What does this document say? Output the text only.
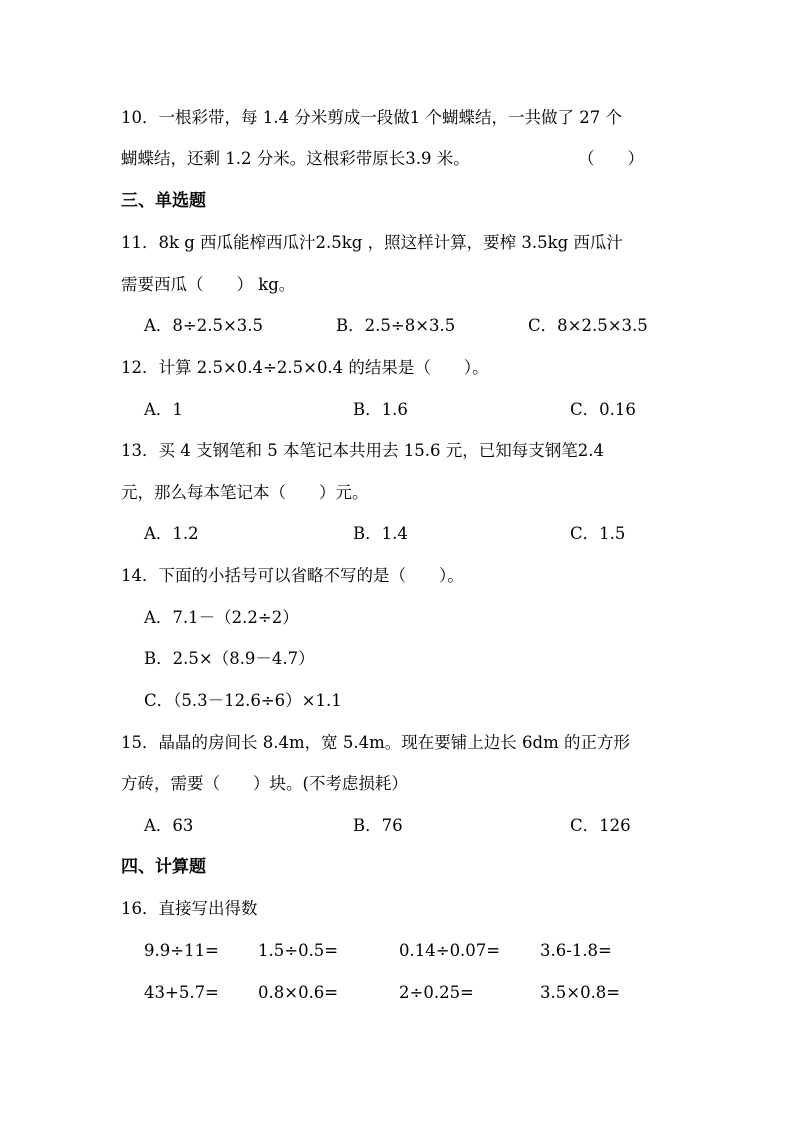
10．一根彩带，每 1.4 分米剪成一段做1 个蝴蝶结，一共做了 27 个
蝴蝶结，还剩 1.2 分米。这根彩带原长3.9 米。	（　　）
三、单选题
11．8k g 西瓜能榨西瓜汁2.5kg ，照这样计算，要榨 3.5kg 西瓜汁
需要西瓜（　　） kg。
A．8÷2.5×3.5	B．2.5÷8×3.5	C．8×2.5×3.5
12．计算 2.5×0.4÷2.5×0.4 的结果是（　　）。
A．1	B．1.6	C．0.16
13．买 4 支钢笔和 5 本笔记本共用去 15.6 元，已知每支钢笔2.4
元，那么每本笔记本（　　）元。
A．1.2	B．1.4	C．1.5
14．下面的小括号可以省略不写的是（　　）。
A．7.1－（2.2÷2）
B．2.5×（8.9－4.7）
C．（5.3－12.6÷6）×1.1
15．晶晶的房间长 8.4m，宽 5.4m。现在要铺上边长 6dm 的正方形
方砖，需要（　　）块。(不考虑损耗）
A．63	B．76	C．126
四、计算题
16．直接写出得数
9.9÷11= 1.5÷0.5=	0.14÷0.07= 3.6-1.8=
43+5.7= 0.8×0.6=	2÷0.25=	3.5×0.8=
